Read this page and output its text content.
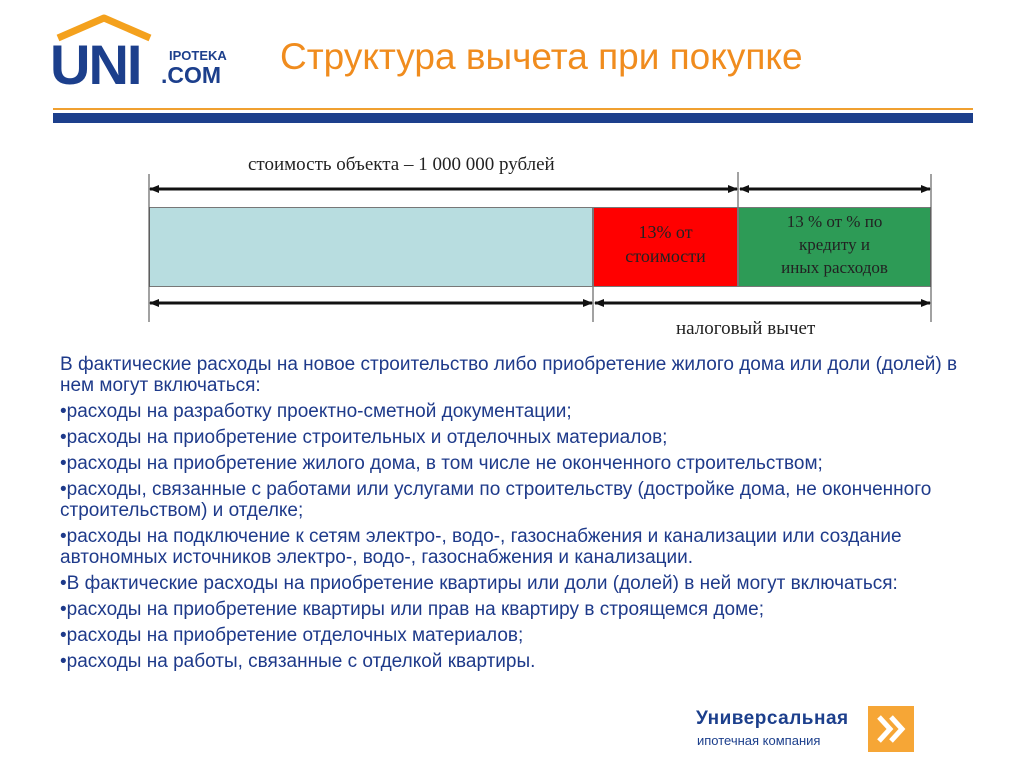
UNI IPOTEKA
.COM Структура вычета при покупке
стоимость объекта – 1 000 000 рублей
13% от
стоимости
13 % от % по
кредиту и
иных расходов
налоговый вычет
В фактические расходы на новое строительство либо приобретение жилого дома или доли (долей) в нем могут включаться:
•расходы на разработку проектно-сметной документации;
•расходы на приобретение строительных и отделочных материалов;
•расходы на приобретение жилого дома, в том числе не оконченного строительством;
•расходы, связанные с работами или услугами по строительству (достройке дома, не оконченного строительством) и отделке;
•расходы на подключение к сетям электро-, водо-, газоснабжения и канализации или создание автономных источников электро-, водо-, газоснабжения и канализации.
•В фактические расходы на приобретение квартиры или доли (долей) в ней могут включаться:
•расходы на приобретение квартиры или прав на квартиру в строящемся доме;
•расходы на приобретение отделочных материалов;
•расходы на работы, связанные с отделкой квартиры.
Универсальная
ипотечная компания
